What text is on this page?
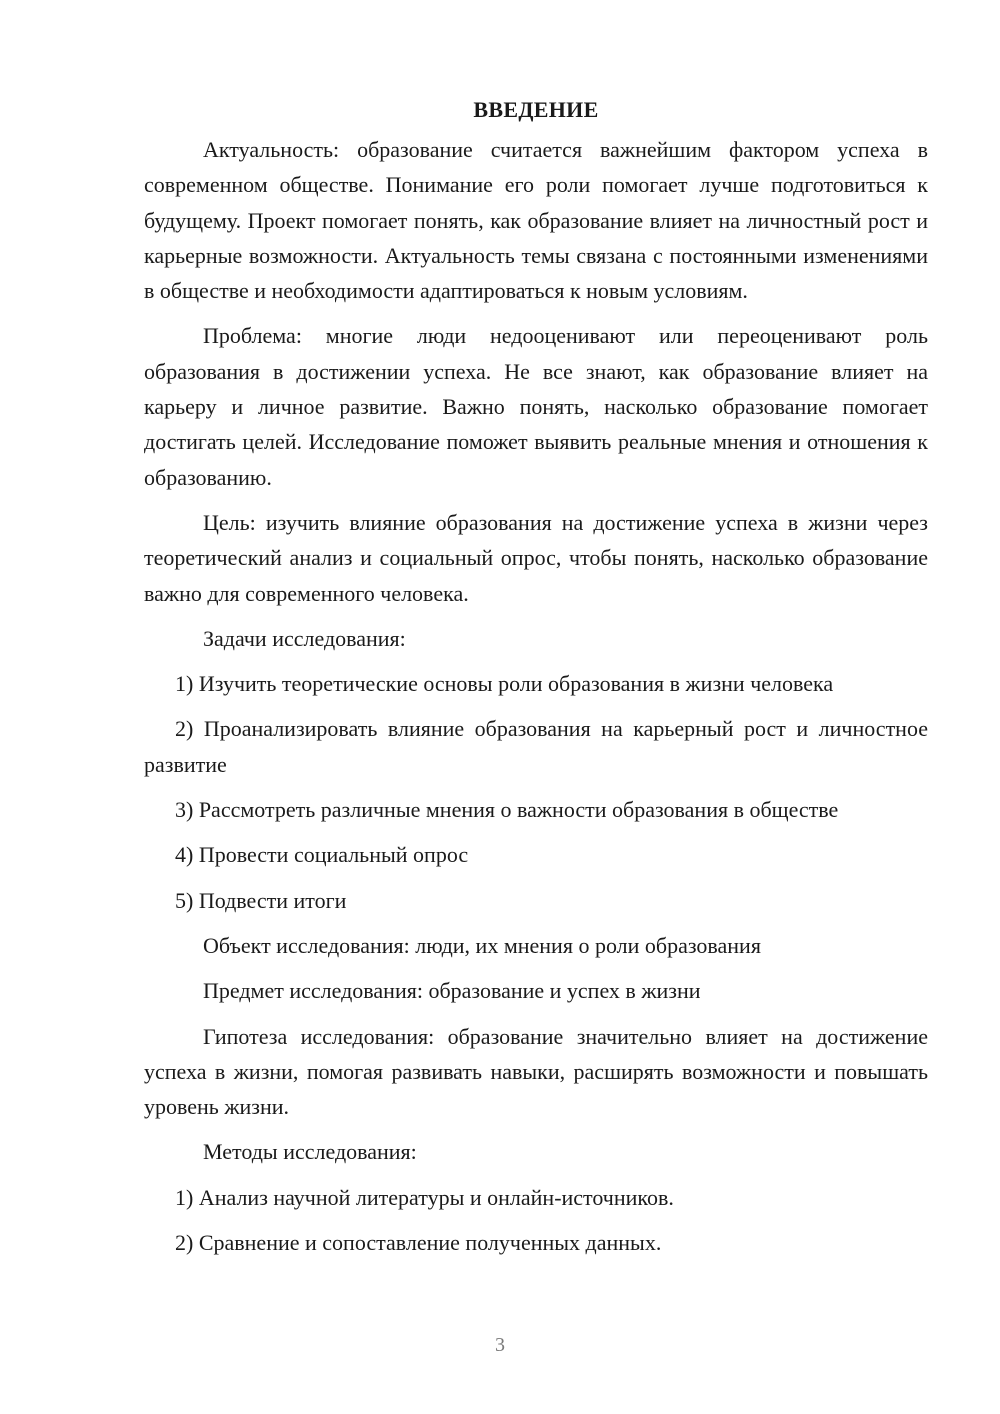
ВВЕДЕНИЕ

Актуальность: образование считается важнейшим фактором успеха в современном обществе. Понимание его роли помогает лучше подготовиться к будущему. Проект помогает понять, как образование влияет на личностный рост и карьерные возможности. Актуальность темы связана с постоянными изменениями в обществе и необходимости адаптироваться к новым условиям.

Проблема: многие люди недооценивают или переоценивают роль образования в достижении успеха. Не все знают, как образование влияет на карьеру и личное развитие. Важно понять, насколько образование помогает достигать целей. Исследование поможет выявить реальные мнения и отношения к образованию.

Цель: изучить влияние образования на достижение успеха в жизни через теоретический анализ и социальный опрос, чтобы понять, насколько образование важно для современного человека.

Задачи исследования:

1) Изучить теоретические основы роли образования в жизни человека

2) Проанализировать влияние образования на карьерный рост и личностное развитие

3) Рассмотреть различные мнения о важности образования в обществе

4) Провести социальный опрос

5) Подвести итоги

Объект исследования: люди, их мнения о роли образования

Предмет исследования: образование и успех в жизни

Гипотеза исследования: образование значительно влияет на достижение успеха в жизни, помогая развивать навыки, расширять возможности и повышать уровень жизни.

Методы исследования:

1) Анализ научной литературы и онлайн-источников.

2) Сравнение и сопоставление полученных данных.

3
